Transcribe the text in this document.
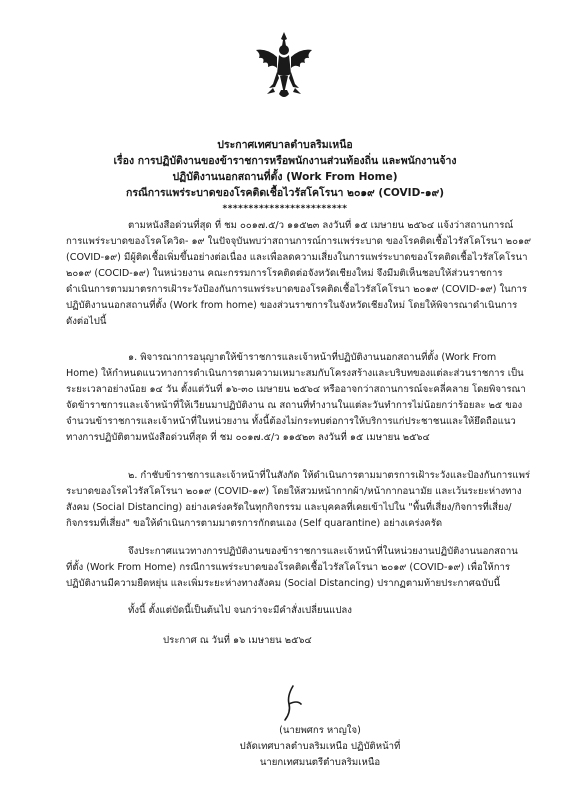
ประกาศเทศบาลตำบลริมเหนือ
เรื่อง การปฏิบัติงานของข้าราชการหรือพนักงานส่วนท้องถิ่น และพนักงานจ้าง
ปฏิบัติงานนอกสถานที่ตั้ง (Work From Home)
กรณีการแพร่ระบาดของโรคติดเชื้อไวรัสโคโรนา ๒๐๑๙ (COVID-๑๙)
************************
ตามหนังสือด่วนที่สุด ที่ ชม ๐๐๑๗.๕/ว ๑๑๕๒๓ ลงวันที่ ๑๕ เมษายน ๒๕๖๔ แจ้งว่าสถานการณ์
การแพร่ระบาดของโรคโควิด- ๑๙ ในปัจจุบันพบว่าสถานการณ์การแพร่ระบาด ของโรคติดเชื้อไวรัสโคโรนา ๒๐๑๙
(COVID-๑๙) มีผู้ติดเชื้อเพิ่มขึ้นอย่างต่อเนื่อง และเพื่อลดความเสี่ยงในการแพร่ระบาดของโรคติดเชื้อไวรัสโคโรนา
๒๐๑๙ (COCID-๑๙) ในหน่วยงาน คณะกรรมการโรคติดต่อจังหวัดเชียงใหม่ จึงมีมติเห็นชอบให้ส่วนราชการ
ดำเนินการตามมาตรการเฝ้าระวังป้องกันการแพร่ระบาดของโรคติดเชื้อไวรัสโคโรนา ๒๐๑๙ (COVID-๑๙) ในการ
ปฏิบัติงานนอกสถานที่ตั้ง (Work from home) ของส่วนราชการในจังหวัดเชียงใหม่ โดยให้พิจารณาดำเนินการ
ดังต่อไปนี้
๑. พิจารณาการอนุญาตให้ข้าราชการและเจ้าหน้าที่ปฏิบัติงานนอกสถานที่ตั้ง (Work From
Home) ให้กำหนดแนวทางการดำเนินการตามความเหมาะสมกับโครงสร้างและบริบทของแต่ละส่วนราชการ เป็น
ระยะเวลาอย่างน้อย ๑๔ วัน ตั้งแต่วันที่ ๑๖-๓๐ เมษายน ๒๕๖๔ หรืออาจกว่าสถานการณ์จะคลี่คลาย โดยพิจารณา
จัดข้าราชการและเจ้าหน้าที่ให้เวียนมาปฏิบัติงาน ณ สถานที่ทำงานในแต่ละวันทำการไม่น้อยกว่าร้อยละ ๒๕ ของ
จำนวนข้าราชการและเจ้าหน้าที่ในหน่วยงาน ทั้งนี้ต้องไม่กระทบต่อการให้บริการแก่ประชาชนและให้ยึดถือแนว
ทางการปฏิบัติตามหนังสือด่วนที่สุด ที่ ชม ๐๐๑๗.๕/ว ๑๑๕๒๓ ลงวันที่ ๑๕ เมษายน ๒๕๖๔
๒. กำชับข้าราชการและเจ้าหน้าที่ในสังกัด ให้ดำเนินการตามมาตรการเฝ้าระวังและป้องกันการแพร่
ระบาดของโรคไวรัสโคโรนา ๒๐๑๙ (COVID-๑๙) โดยให้สวมหน้ากากผ้า/หน้ากากอนามัย และเว้นระยะห่างทาง
สังคม (Social Distancing) อย่างเคร่งครัดในทุกกิจกรรม และบุคคลที่เคยเข้าไปใน "พื้นที่เสี่ยง/กิจการที่เสี่ยง/
กิจกรรมที่เสี่ยง" ขอให้ดำเนินการตามมาตรการกักตนเอง (Self quarantine) อย่างเคร่งครัด
จึงประกาศแนวทางการปฏิบัติงานของข้าราชการและเจ้าหน้าที่ในหน่วยงานปฏิบัติงานนอกสถาน
ที่ตั้ง (Work From Home) กรณีการแพร่ระบาดของโรคติดเชื้อไวรัสโคโรนา ๒๐๑๙ (COVID-๑๙) เพื่อให้การ
ปฏิบัติงานมีความยืดหยุ่น และเพิ่มระยะห่างทางสังคม (Social Distancing) ปรากฏตามท้ายประกาศฉบับนี้
ทั้งนี้ ตั้งแต่บัดนี้เป็นต้นไป จนกว่าจะมีคำสั่งเปลี่ยนแปลง
ประกาศ ณ วันที่ ๑๖ เมษายน ๒๕๖๔
(นายพศกร หาญใจ)
ปลัดเทศบาลตำบลริมเหนือ ปฏิบัติหน้าที่
นายกเทศมนตรีตำบลริมเหนือ
